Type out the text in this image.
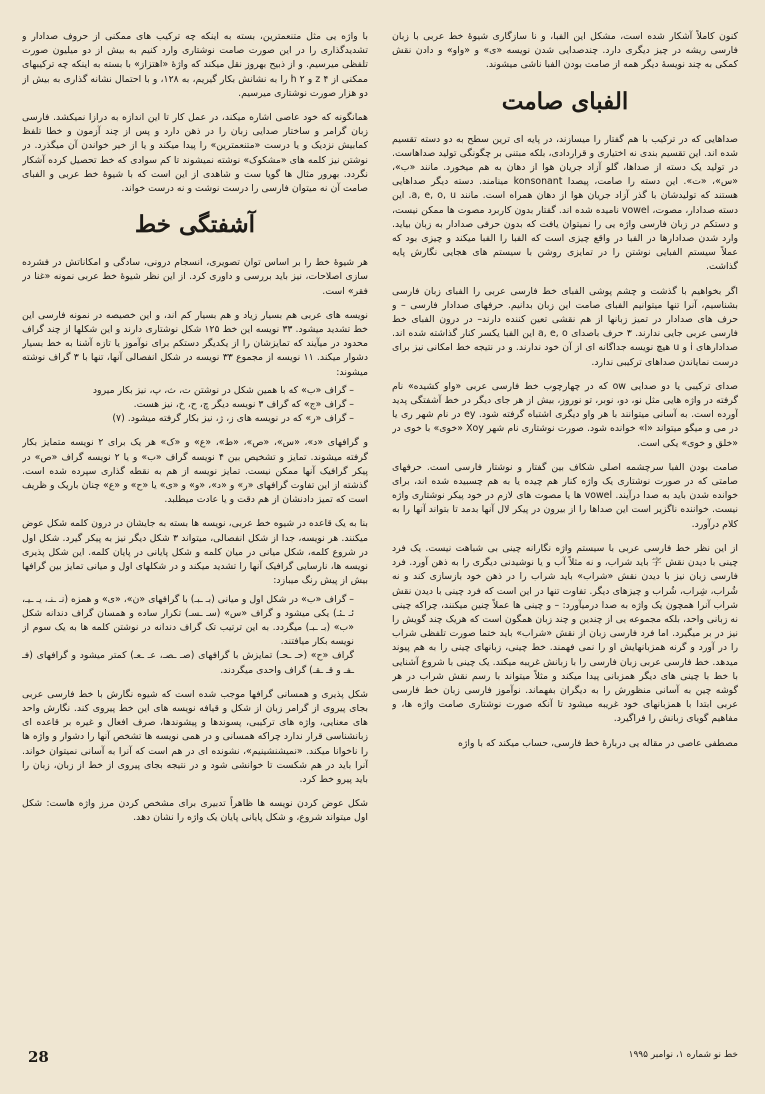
کنون کاملاً آشکار شده است، مشکل این الفبا، و نا سازگاری شیوهٔ خط عربی با زبان فارسی ریشه در چیز دیگری دارد. چندصدایی شدن نویسه «ی» و «واو» و دادن نقش کمکی به چند نویسهٔ دیگر همه از صامت بودن الفبا ناشی میشوند.

الفبای صامت

صداهایی که در ترکیب با هم گفتار را میسازند، در پایه ای ترین سطح به دو دسته تقسیم شده اند. این تقسیم بندی نه اختیاری و قراردادی، بلکه مبتنی بر چگونگی تولید صداهاست. در تولید یک دسته از صداها، گلو آزاد جریان هوا از دهان به هم میخورد. مانند «ب»، «س»، «ت». این دسته را صامت، پیصدا konsonant مینامند. دسته دیگر صداهایی هستند که تولیدشان با گذر آزاد جریان هوا از دهان همراه است. مانند a, e, o, u. این دسته صدادار، مصوت، vowel نامیده شده اند. گفتار بدون کاربرد مصوت ها ممکن نیست، و دستکم در زبان فارسی واژه یی را نمیتوان یافت که بدون حرفی صدادار به زبان بیاید. وارد شدن صدادارها در الفبا در واقع چیزی است که الفبا را الفبا میکند و چیزی بود که عملاً سیستم الفبایی نوشتن را در تمایزی روشن با سیستم های هجایی نگارش پایه گذاشت.

اگر بخواهیم با گذشت و چشم پوشی الفبای خط فارسی عربی را الفبای زبان فارسی بشناسیم، آنرا تنها میتوانیم الفبای صامت این زبان بدانیم. حرفهای صدادار فارسی – و حرف های صدادار در تمیز زبانها از هم نقشی تعین کننده دارند– در درون الفبای خط فارسی عربی جایی ندارند. ۳ حرف باصدای a, e, o این الفبا یکسر کنار گذاشته شده اند. صدادارهای i و u هیچ نویسه جداگانه ای از آن خود ندارند. و در نتیجه خط امکانی نیز برای درست نمایاندن صداهای ترکیبی ندارد.

صدای ترکیبی یا دو صدایی ow که در چهارچوب خط فارسی عربی «واو کشیده» نام گرفته در واژه هایی مثل نو، دو، نوبر، تو نوروز، بیش از هر جای دیگر در خط آشفتگی پدید آورده است. به آسانی میتوانند با هر واو دیگری اشتباه گرفته شود. ey در نام شهر ری یا در می و میگو میتواند «ا» خوانده شود. صورت نوشتاری نام شهر Xoy «خوی» با خوی در «خلق و خوی» یکی است.

صامت بودن الفبا سرچشمه اصلی شکاف بین گفتار و نوشتار فارسی است. حرفهای صامتی که در صورت نوشتاری یک واژه کنار هم چیده یا به هم چسبیده شده اند، برای خوانده شدن باید به صدا درآیند. vowel ها یا مصوت های لازم در خود پیکر نوشتاری واژه نیست. خواننده ناگزیر است این صداها را از بیرون در پیکر لال آنها بدمد تا بتواند آنها را به کلام درآورد.

از این نظر خط فارسی عربی با سیستم واژه نگارانه چینی بی شباهت نیست. یک فرد چینی با دیدن نقش 字 باید شراب، و نه مثلاً آب و یا نوشیدنی دیگری را به ذهن آورد. فرد فارسی زبان نیز با دیدن نقش «شراب» باید شراب را در ذهن خود بازسازی کند و نه شُراب، شِراب، شُراب و چیزهای دیگر. تفاوت تنها در این است که فرد چینی با دیدن نقش شراب آنرا همچون یک واژه به صدا درمیآورد: – و چینی ها عملاً چنین میکنند، چراکه چینی نه زبانی واحد، بلکه مجموعه یی از چندین و چند زبان همگون است که هریک چند گویش را نیز در بر میگیرد. اما فرد فارسی زبان از نقش «شراب» باید ختما صورت تلفظی شراب را در آورد و گرنه همزبانهایش او را نمی فهمند. خط چینی، زبانهای چینی را به هم پیوند میدهد. خط فارسی عربی زبان فارسی را با زبانش غریبه میکند. یک چینی با شروع آشنایی با خط با چینی های دیگر همزبانی پیدا میکند و مثلاً میتواند با رسم نقش شراب در هر گوشه چین به آسانی منظورش را به دیگران بفهماند. نوآموز فارسی زبان خط فارسی عربی ابتدا با همزبانهای خود غریبه میشود تا آنکه صورت نوشتاری صامت واژه ها، و مفاهیم گویای زبانش را فراگیرد.

مصطفی عاصی در مقاله یی دربارهٔ خط فارسی، حساب میکند که با واژه

با واژه یی مثل متنعمترین، بسته به اینکه چه ترکیب های ممکنی از حروف صدادار و تشدیدگذاری را در این صورت صامت نوشتاری وارد کنیم به بیش از دو میلیون صورت تلفظی میرسیم. و از ذبیح بهروز نقل میکند که واژهٔ «اهتزاز» با بسته به اینکه چه ترکیبهای ممکنی از z ۴ و h ۲ را به نشانش بکار گیریم، به ۱۲۸، و با احتمال نشانه گذاری به بیش از دو هزار صورت نوشتاری میرسیم.

همانگونه که خود عاصی اشاره میکند، در عمل کار تا این اندازه به درازا نمیکشد. فارسی زبان گرامر و ساختار صدایی زبان را در ذهن دارد و پس از چند آزمون و خطا تلفظ کمابیش نزدیک و یا درست «متنعمترین» را پیدا میکند و یا از خیر خواندن آن میگذرد. در نوشتن نیز کلمه های «مشکوک» نوشته نمیشوند تا کم سوادی که خط تحصیل کرده آشکار نگردد. بهرور مثال ها گویا ست و شاهدی از این است که با شیوهٔ خط عربی و الفبای صامت آن نه میتوان فارسی را درست نوشت و نه درست خواند.

آشفتگی خط

هر شیوهٔ خط را بر اساس توان تصویری، انسجام درونی، سادگی و امکاناتش در فشرده سازی اصلاحات، نیز باید بررسی و داوری کرد. از این نظر شیوهٔ خط عربی نمونه «غنا در فقر» است.

نویسه های عربی هم بسیار زیاد و هم بسیار کم اند، و این خصیصه در نمونه فارسی این خط تشدید میشود. ۳۳ نویسه این خط ۱۲۵ شکل نوشتاری دارند و این شکلها از چند گراف محدود در میآیند که تمایزشان را از یکدیگر دستکم برای نوآموز یا تازه آشنا به خط بسیار دشوار میکند. ۱۱ نویسه از مجموع ۳۳ نویسه در شکل انفصالی آنها، تنها با ۳ گراف نوشته میشوند:

– گراف «ب» که با همین شکل در نوشتن ت، ث، پ، نیز بکار میرود
– گراف «ج» که گراف ۳ نویسه دیگر چ، ح، خ، نیز هست.
– گراف «ر» که در نویسه های ز، ژ، نیز بکار گرفته میشود. (۷)

و گرافهای «د»، «س»، «ص»، «ط»، «ع» و «ک» هر یک برای ۲ نویسه متمایز بکار گرفته میشوند. تمایز و تشخیص بین ۴ نویسه گراف «ب» و یا ۲ نویسه گراف «ص» در پیکر گرافیک آنها ممکن نیست. تمایز نویسه از هم به نقطه گذاری سپرده شده است. گذشته از این تفاوت گرافهای «ر» و «د»، «و» و «ی» یا «ح» و «ع» چنان باریک و ظریف است که تمیز دادنشان از هم دقت و یا عادت میطلبد.

بنا به یک قاعده در شیوه خط عربی، نویسه ها بسته به جایشان در درون کلمه شکل عوض میکنند. هر نویسه، جدا از شکل انفصالی، میتواند ۳ شکل دیگر نیز به پیکر گیرد. شکل اول در شروع کلمه، شکل میانی در میان کلمه و شکل پایانی در پایان کلمه. این شکل پذیری نویسه ها، نارسایی گرافیک آنها را تشدید میکند و در شکلهای اول و میانی تمایز بین گرافها بیش از پیش رنگ میبازد:

– گراف «ب» در شکل اول و میانی (بـ ـبـ) با گرافهای «ن»، «ی» و همزه (نـ ـنـ، یـ ـیـ، ئـ ـئـ) یکی میشود و گراف «س» (سـ ـسـ) تکرار ساده و همسان گراف دندانه شکل «ب» (بـ ـبـ) میگردد. به این ترتیب تک گراف دندانه در نوشتن کلمه ها به یک سوم از نویسه بکار میافتند.
گراف «ح» (حـ ـحـ) تمایزش با گرافهای (صـ ـصـ، عـ ـعـ) کمتر میشود و گرافهای (فـ ـفـ و قـ ـقـ) گراف واحدی میگردند.

شکل پذیری و همسانی گرافها موجب شده است که شیوه نگارش با خط فارسی عربی بجای پیروی از گرامر زبان از شکل و قیافه نویسه های این خط پیروی کند. نگارش واحد های معنایی، واژه های ترکیبی، پسوندها و پیشوندها، صرف افعال و غیره بر قاعده ای زبانشناسی قرار ندارد چراکه همسانی و در همی نویسه ها تشخص آنها را دشوار و واژه ها را ناخوانا میکند. «نمیشنشینیم»، نشونده ای در هم است که آنرا به آسانی نمیتوان خواند. آنرا باید در هم شکست تا خوانشی شود و در نتیجه بجای پیروی از خط از زبان، زبان را باید پیرو خط کرد.

شکل عوض کردن نویسه ها ظاهراً تدبیری برای مشخص کردن مرز واژه هاست: شکل اول میتواند شروع، و شکل پایانی پایان یک واژه را نشان دهد.

28	خط نو شماره ۱، نوامبر ۱۹۹۵
